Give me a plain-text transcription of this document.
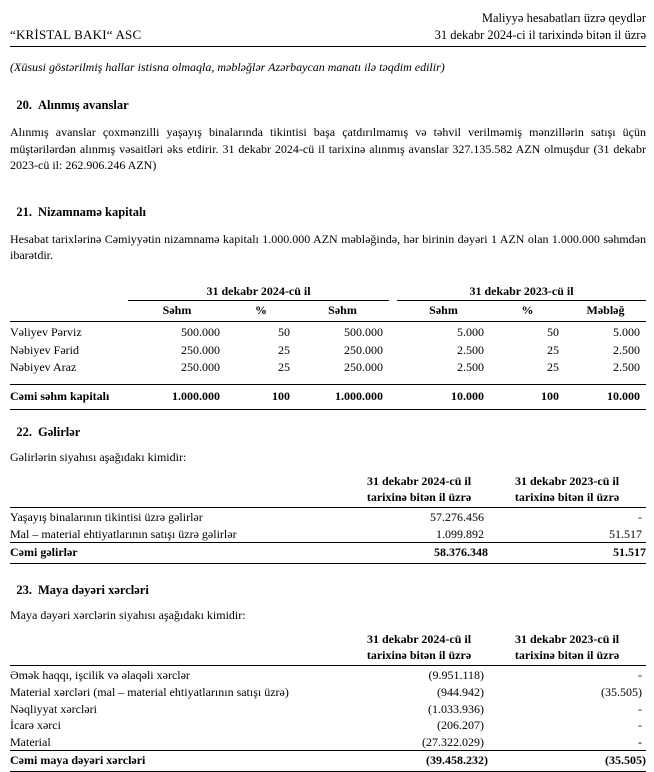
“KRİSTAL BAKI“ ASC
Maliyyə hesabatları üzrə qeydlər
31 dekabr 2024-ci il tarixində bitən il üzrə
(Xüsusi göstərilmiş hallar istisna olmaqla, məbləğlər Azərbaycan manatı ilə təqdim edilir)
20. Alınmış avanslar
Alınmış avanslar çoxmənzilli yaşayış binalarında tikintisi başa çatdırılmamış və təhvil verilməmiş mənzillərin satışı üçün müştərilərdən alınmış vəsaitləri əks etdirir. 31 dekabr 2024-cü il tarixinə alınmış avanslar 327.135.582 AZN olmuşdur (31 dekabr 2023-cü il: 262.906.246 AZN)
21. Nizamnamə kapitalı
Hesabat tarixlərinə Cəmiyyətin nizamnamə kapitalı 1.000.000 AZN məbləğində, hər birinin dəyəri 1 AZN olan 1.000.000 səhmdən ibarətdir.
	31 dekabr 2024-cü il				31 dekabr 2023-cü il		
	Səhm	%	Səhm		Səhm	%	Məbləğ
Vəliyev Pərviz	500.000	50	500.000		5.000	50	5.000
Nəbiyev Fərid	250.000	25	250.000		2.500	25	2.500
Nəbiyev Araz	250.000	25	250.000		2.500	25	2.500
Cəmi səhm kapitalı	1.000.000	100	1.000.000		10.000	100	10.000
22. Gəlirlər
Gəlirlərin siyahısı aşağıdakı kimidir:

	31 dekabr 2024-cü il
tarixinə bitən il üzrə	31 dekabr 2023-cü il
tarixinə bitən il üzrə

Yaşayış binalarının tikintisi üzrə gəlirlər	57.276.456	-
Mal – material ehtiyatlarının satışı üzrə gəlirlər	1.099.892	51.517
Cəmi gəlirlər	58.376.348	51.517
23. Maya dəyəri xərcləri
Maya dəyəri xərclərin siyahısı aşağıdakı kimidir:

	31 dekabr 2024-cü il
tarixinə bitən il üzrə	31 dekabr 2023-cü il
tarixinə bitən il üzrə

Əmək haqqı, işcilik və əlaqəli xərclər	(9.951.118)	-
Material xərcləri (mal – material ehtiyatlarının satışı üzrə)	(944.942)	(35.505)
Nəqliyyat xərcləri	(1.033.936)	-
İcarə xərci	(206.207)	-
Material	(27.322.029)	-
Cəmi maya dəyəri xərcləri	(39.458.232)	(35.505)
